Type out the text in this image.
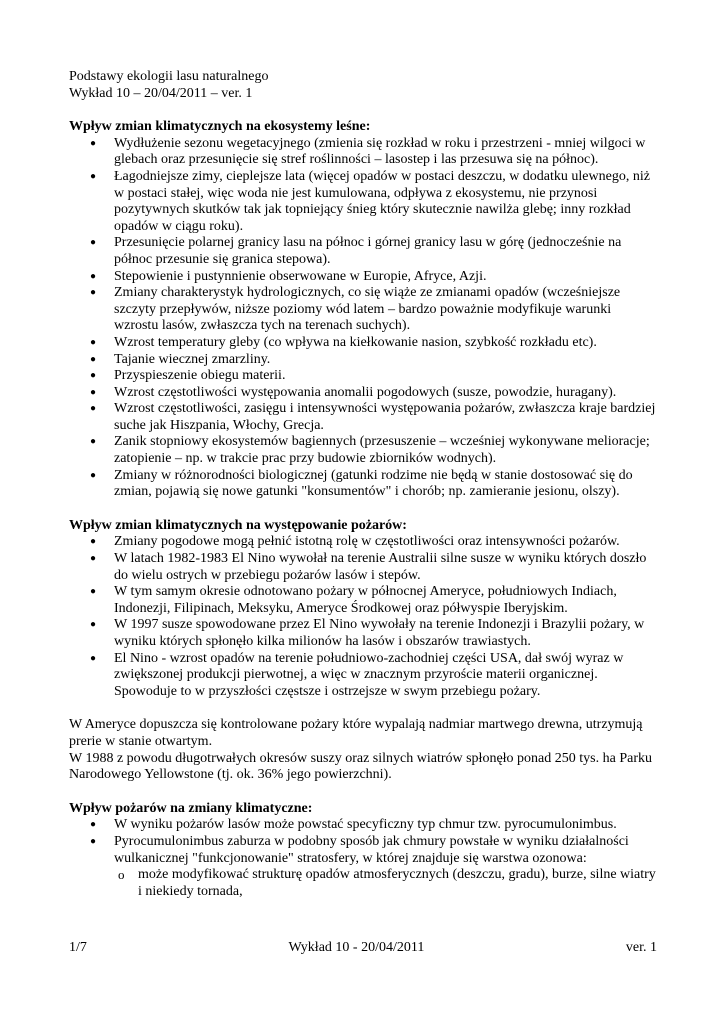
Podstawy ekologii lasu naturalnego

Wykład 10 – 20/04/2011 – ver. 1

Wpływ zmian klimatycznych na ekosystemy leśne:

● Wydłużenie sezonu wegetacyjnego (zmienia się rozkład w roku i przestrzeni - mniej wilgoci w glebach oraz przesunięcie się stref roślinności – lasostep i las przesuwa się na północ).
● Łagodniejsze zimy, cieplejsze lata (więcej opadów w postaci deszczu, w dodatku ulewnego, niż w postaci stałej, więc woda nie jest kumulowana, odpływa z ekosystemu, nie przynosi pozytywnych skutków tak jak topniejący śnieg który skutecznie nawilża glebę; inny rozkład opadów w ciągu roku).
● Przesunięcie polarnej granicy lasu na północ i górnej granicy lasu w górę (jednocześnie na północ przesunie się granica stepowa).
● Stepowienie i pustynnienie obserwowane w Europie, Afryce, Azji.
● Zmiany charakterystyk hydrologicznych, co się wiąże ze zmianami opadów (wcześniejsze szczyty przepływów, niższe poziomy wód latem – bardzo poważnie modyfikuje warunki wzrostu lasów, zwłaszcza tych na terenach suchych).
● Wzrost temperatury gleby (co wpływa na kiełkowanie nasion, szybkość rozkładu etc).
● Tajanie wiecznej zmarzliny.
● Przyspieszenie obiegu materii.
● Wzrost częstotliwości występowania anomalii pogodowych (susze, powodzie, huragany).
● Wzrost częstotliwości, zasięgu i intensywności występowania pożarów, zwłaszcza kraje bardziej suche jak Hiszpania, Włochy, Grecja.
● Zanik stopniowy ekosystemów bagiennych (przesuszenie – wcześniej wykonywane melioracje; zatopienie – np. w trakcie prac przy budowie zbiorników wodnych).
● Zmiany w różnorodności biologicznej (gatunki rodzime nie będą w stanie dostosować się do zmian, pojawią się nowe gatunki "konsumentów" i chorób; np. zamieranie jesionu, olszy).

Wpływ zmian klimatycznych na występowanie pożarów:

● Zmiany pogodowe mogą pełnić istotną rolę w częstotliwości oraz intensywności pożarów.
● W latach 1982-1983 El Nino wywołał na terenie Australii silne susze w wyniku których doszło do wielu ostrych w przebiegu pożarów lasów i stepów.
● W tym samym okresie odnotowano pożary w północnej Ameryce, południowych Indiach, Indonezji, Filipinach, Meksyku, Ameryce Środkowej oraz półwyspie Iberyjskim.
● W 1997 susze spowodowane przez El Nino wywołały na terenie Indonezji i Brazylii pożary, w wyniku których spłonęło kilka milionów ha lasów i obszarów trawiastych.
● El Nino - wzrost opadów na terenie południowo-zachodniej części USA, dał swój wyraz w zwiększonej produkcji pierwotnej, a więc w znacznym przyroście materii organicznej. Spowoduje to w przyszłości częstsze i ostrzejsze w swym przebiegu pożary.

W Ameryce dopuszcza się kontrolowane pożary które wypalają nadmiar martwego drewna, utrzymują prerie w stanie otwartym.

W 1988 z powodu długotrwałych okresów suszy oraz silnych wiatrów spłonęło ponad 250 tys. ha Parku Narodowego Yellowstone (tj. ok. 36% jego powierzchni).

Wpływ pożarów na zmiany klimatyczne:

● W wyniku pożarów lasów może powstać specyficzny typ chmur tzw. pyrocumulonimbus.
● Pyrocumulonimbus zaburza w podobny sposób jak chmury powstałe w wyniku działalności wulkanicznej "funkcjonowanie" stratosfery, w której znajduje się warstwa ozonowa:
o może modyfikować strukturę opadów atmosferycznych (deszczu, gradu), burze, silne wiatry i niekiedy tornada,
1/7	Wykład 10 - 20/04/2011	ver. 1
